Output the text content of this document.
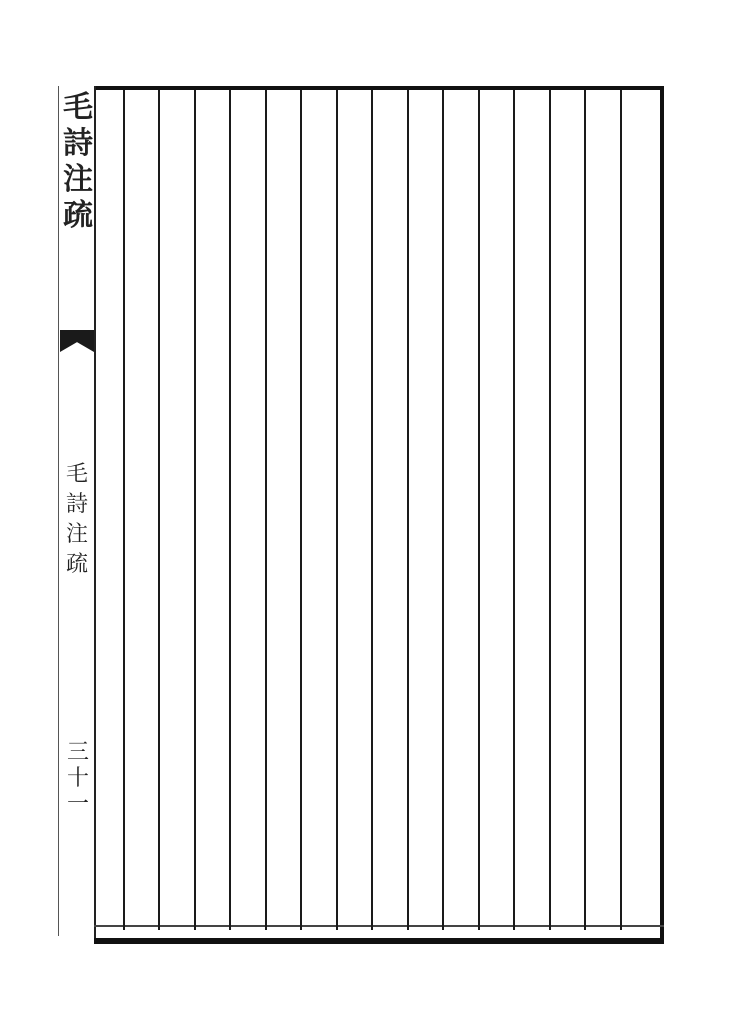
毛
詩
注
疏
毛
詩
注
疏
三
十
一
